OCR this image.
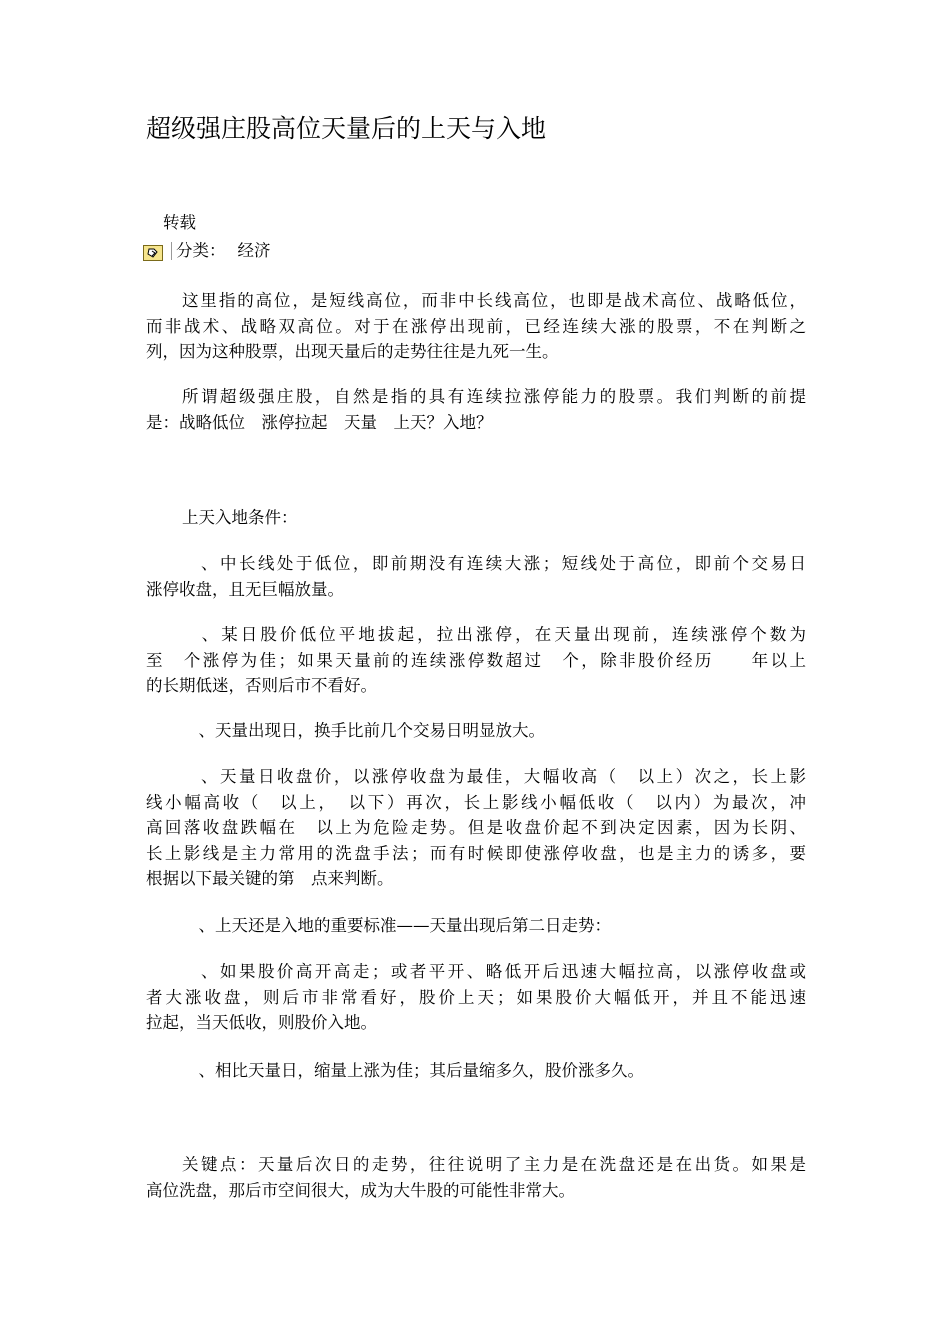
超级强庄股高位天量后的上天与入地
转载
分类： 经济
这里指的高位，是短线高位，而非中长线高位，也即是战术高位、战略低位，
而非战术、战略双高位。对于在涨停出现前，已经连续大涨的股票，不在判断之
列，因为这种股票，出现天量后的走势往往是九死一生。
所谓超级强庄股，自然是指的具有连续拉涨停能力的股票。我们判断的前提
是：战略低位　涨停拉起　天量　上天？入地？
上天入地条件：
　、中长线处于低位，即前期没有连续大涨；短线处于高位，即前个交易日
涨停收盘，且无巨幅放量。
　、某日股价低位平地拔起，拉出涨停，在天量出现前，连续涨停个数为
至　个涨停为佳；如果天量前的连续涨停数超过　个，除非股价经历　　年以上
的长期低迷，否则后市不看好。
　、天量出现日，换手比前几个交易日明显放大。
　、天量日收盘价，以涨停收盘为最佳，大幅收高（　以上）次之，长上影
线小幅高收（　以上，　以下）再次，长上影线小幅低收（　以内）为最次，冲
高回落收盘跌幅在　以上为危险走势。但是收盘价起不到决定因素，因为长阴、
长上影线是主力常用的洗盘手法；而有时候即使涨停收盘，也是主力的诱多，要
根据以下最关键的第　点来判断。
　、上天还是入地的重要标准——天量出现后第二日走势：
　、如果股价高开高走；或者平开、略低开后迅速大幅拉高，以涨停收盘或
者大涨收盘，则后市非常看好，股价上天；如果股价大幅低开，并且不能迅速
拉起，当天低收，则股价入地。
　、相比天量日，缩量上涨为佳；其后量缩多久，股价涨多久。
关键点：天量后次日的走势，往往说明了主力是在洗盘还是在出货。如果是
高位洗盘，那后市空间很大，成为大牛股的可能性非常大。
